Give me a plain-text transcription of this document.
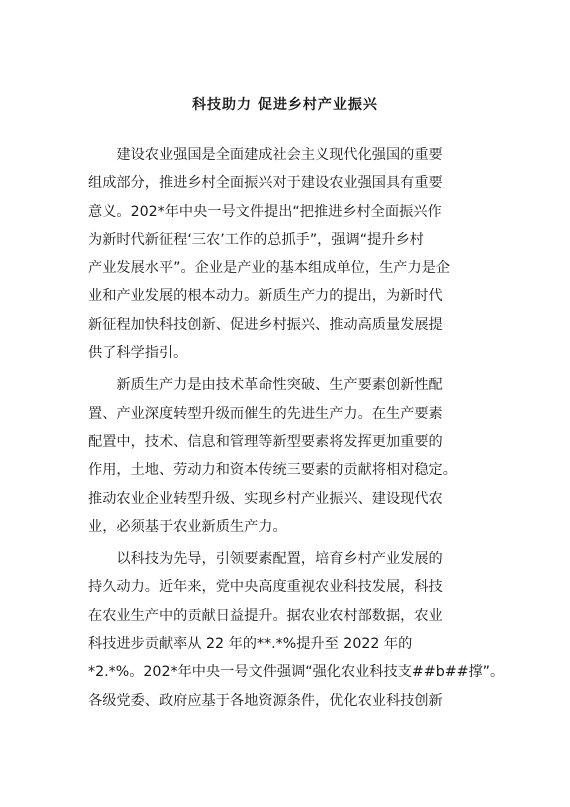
科技助力 促进乡村产业振兴
　　建设农业强国是全面建成社会主义现代化强国的重要
组成部分，推进乡村全面振兴对于建设农业强国具有重要
意义。202*年中央一号文件提出“把推进乡村全面振兴作
为新时代新征程‘三农’工作的总抓手”，强调“提升乡村
产业发展水平”。企业是产业的基本组成单位，生产力是企
业和产业发展的根本动力。新质生产力的提出，为新时代
新征程加快科技创新、促进乡村振兴、推动高质量发展提
供了科学指引。
　　新质生产力是由技术革命性突破、生产要素创新性配
置、产业深度转型升级而催生的先进生产力。在生产要素
配置中，技术、信息和管理等新型要素将发挥更加重要的
作用，土地、劳动力和资本传统三要素的贡献将相对稳定。
推动农业企业转型升级、实现乡村产业振兴、建设现代农
业，必须基于农业新质生产力。
　　以科技为先导，引领要素配置，培育乡村产业发展的
持久动力。近年来，党中央高度重视农业科技发展，科技
在农业生产中的贡献日益提升。据农业农村部数据，农业
科技进步贡献率从 22 年的**.*%提升至 2022 年的
*2.*%。202*年中央一号文件强调“强化农业科技支##b##撑”。
各级党委、政府应基于各地资源条件，优化农业科技创新
